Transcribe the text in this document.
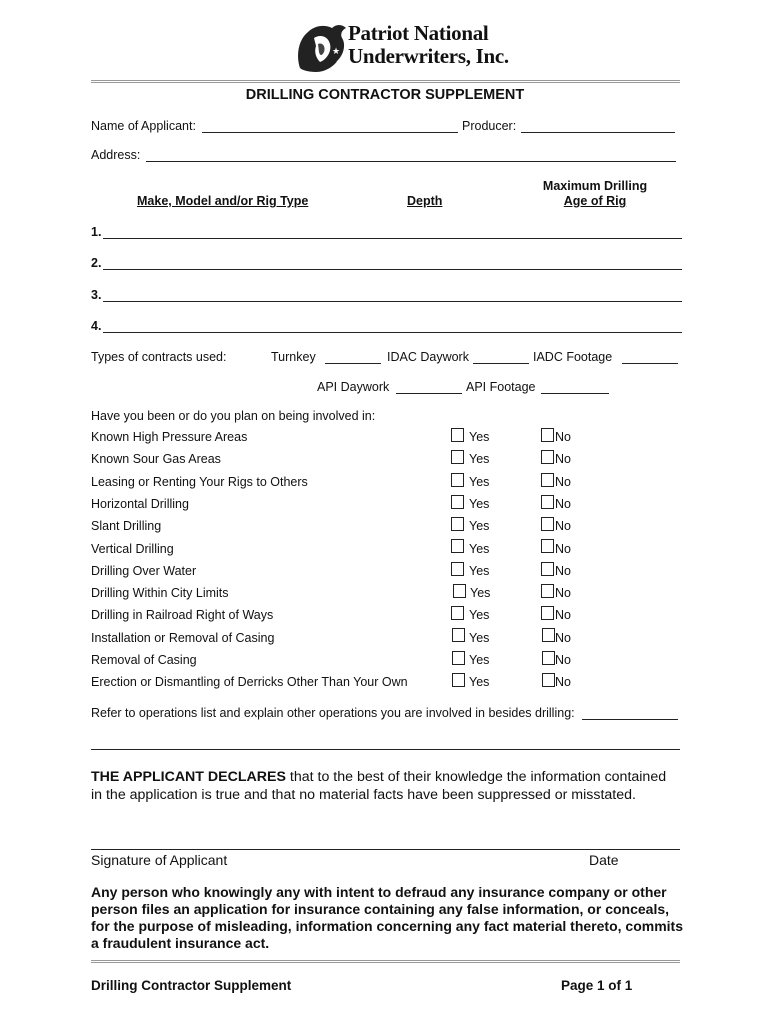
★
★
Patriot National
Underwriters, Inc.
DRILLING CONTRACTOR SUPPLEMENT
Name of Applicant:	Producer:
Address:
Make, Model and/or Rig Type	Depth
Maximum Drilling
Age of Rig
1.
2.
3.
4.
Types of contracts used:	Turnkey	IDAC Daywork	IADC Footage
API Daywork	API Footage
Have you been or do you plan on being involved in:
Known High Pressure Areas	Yes	No
Known Sour Gas Areas	Yes	No
Leasing or Renting Your Rigs to Others	Yes	No
Horizontal Drilling	Yes	No
Slant Drilling	Yes	No
Vertical Drilling	Yes	No
Drilling Over Water	Yes	No
Drilling Within City Limits	Yes	No
Drilling in Railroad Right of Ways	Yes	No
Installation or Removal of Casing	Yes	No
Removal of Casing	Yes	No
Erection or Dismantling of Derricks Other Than Your Own	Yes	No
Refer to operations list and explain other operations you are involved in besides drilling:
THE APPLICANT DECLARES that to the best of their knowledge the information contained in the application is true and that no material facts have been suppressed or misstated.
Signature of Applicant	Date
Any person who knowingly any with intent to defraud any insurance company or other person files an application for insurance containing any false information, or conceals, for the purpose of misleading, information concerning any fact material thereto, commits a fraudulent insurance act.
Drilling Contractor Supplement	Page 1 of 1
